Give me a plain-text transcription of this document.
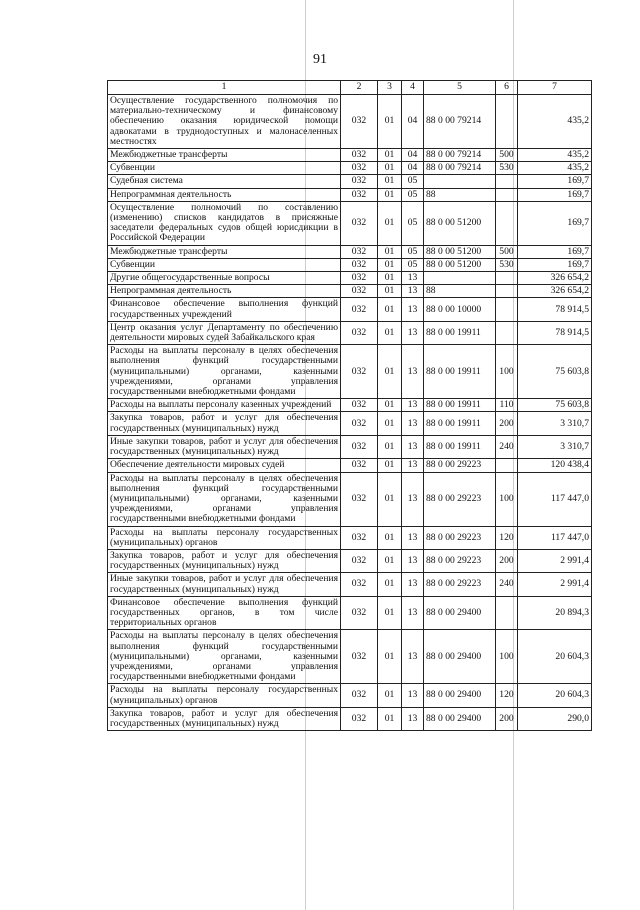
91
1	2	3	4	5	6	7
Осуществление государственного полномочия по материально-техническому и финансовому обеспечению оказания юридической помощи адвокатами в труднодоступных и малонаселенных местностях	032	01	04	88 0 00 79214		435,2
Межбюджетные трансферты	032	01	04	88 0 00 79214	500	435,2
Субвенции	032	01	04	88 0 00 79214	530	435,2
Судебная система	032	01	05			169,7
Непрограммная деятельность	032	01	05	88		169,7
Осуществление полномочий по составлению (изменению) списков кандидатов в присяжные заседатели федеральных судов общей юрисдикции в Российской Федерации	032	01	05	88 0 00 51200		169,7
Межбюджетные трансферты	032	01	05	88 0 00 51200	500	169,7
Субвенции	032	01	05	88 0 00 51200	530	169,7
Другие общегосударственные вопросы	032	01	13			326 654,2
Непрограммная деятельность	032	01	13	88		326 654,2
Финансовое обеспечение выполнения функций государственных учреждений	032	01	13	88 0 00 10000		78 914,5
Центр оказания услуг Департаменту по обеспечению деятельности мировых судей Забайкальского края	032	01	13	88 0 00 19911		78 914,5
Расходы на выплаты персоналу в целях обеспечения выполнения функций государственными (муниципальными) органами, казенными учреждениями, органами управления государственными внебюджетными фондами	032	01	13	88 0 00 19911	100	75 603,8
Расходы на выплаты персоналу казенных учреждений	032	01	13	88 0 00 19911	110	75 603,8
Закупка товаров, работ и услуг для обеспечения государственных (муниципальных) нужд	032	01	13	88 0 00 19911	200	3 310,7
Иные закупки товаров, работ и услуг для обеспечения государственных (муниципальных) нужд	032	01	13	88 0 00 19911	240	3 310,7
Обеспечение деятельности мировых судей	032	01	13	88 0 00 29223		120 438,4
Расходы на выплаты персоналу в целях обеспечения выполнения функций государственными (муниципальными) органами, казенными учреждениями, органами управления государственными внебюджетными фондами	032	01	13	88 0 00 29223	100	117 447,0
Расходы на выплаты персоналу государственных (муниципальных) органов	032	01	13	88 0 00 29223	120	117 447,0
Закупка товаров, работ и услуг для обеспечения государственных (муниципальных) нужд	032	01	13	88 0 00 29223	200	2 991,4
Иные закупки товаров, работ и услуг для обеспечения государственных (муниципальных) нужд	032	01	13	88 0 00 29223	240	2 991,4
Финансовое обеспечение выполнения функций государственных органов, в том числе территориальных органов	032	01	13	88 0 00 29400		20 894,3
Расходы на выплаты персоналу в целях обеспечения выполнения функций государственными (муниципальными) органами, казенными учреждениями, органами управления государственными внебюджетными фондами	032	01	13	88 0 00 29400	100	20 604,3
Расходы на выплаты персоналу государственных (муниципальных) органов	032	01	13	88 0 00 29400	120	20 604,3
Закупка товаров, работ и услуг для обеспечения государственных (муниципальных) нужд	032	01	13	88 0 00 29400	200	290,0
